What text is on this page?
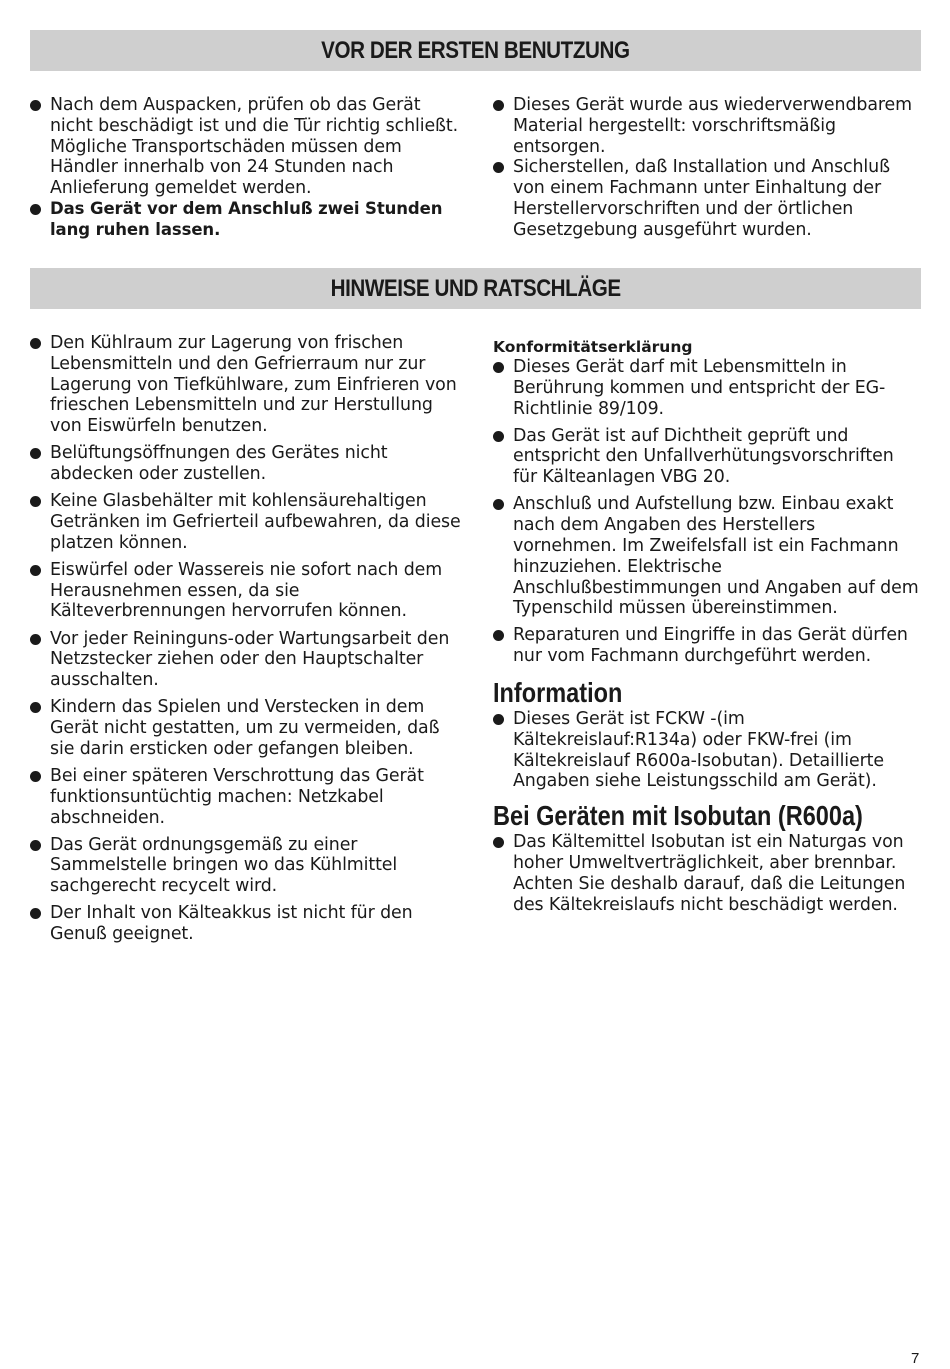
VOR DER ERSTEN BENUTZUNG
Nach dem Auspacken, prüfen ob das Gerät nicht beschädigt ist und die Tür richtig schließt. Mögliche Transportschäden müssen dem Händler innerhalb von 24 Stunden nach Anlieferung gemeldet werden.
Das Gerät vor dem Anschluß zwei Stunden lang ruhen lassen.
Dieses Gerät wurde aus wiederverwendbarem Material hergestellt: vorschriftsmäßig entsorgen.
Sicherstellen, daß Installation und Anschluß von einem Fachmann unter Einhaltung der Herstellervorschriften und der örtlichen Gesetzgebung ausgeführt wurden.
HINWEISE UND RATSCHLÄGE
Den Kühlraum zur Lagerung von frischen Lebensmitteln und den Gefrierraum nur zur Lagerung von Tiefkühlware, zum Einfrieren von frieschen Lebensmitteln und zur Herstullung von Eiswürfeln benutzen.
Belüftungsöffnungen des Gerätes nicht abdecken oder zustellen.
Keine Glasbehälter mit kohlensäurehaltigen Getränken im Gefrierteil aufbewahren, da diese platzen können.
Eiswürfel oder Wassereis nie sofort nach dem Herausnehmen essen, da sie Kälteverbrennungen hervorrufen können.
Vor jeder Reininguns-oder Wartungsarbeit den Netzstecker ziehen oder den Hauptschalter ausschalten.
Kindern das Spielen und Verstecken in dem Gerät nicht gestatten, um zu vermeiden, daß sie darin ersticken oder gefangen bleiben.
Bei einer späteren Verschrottung das Gerät funktionsuntüchtig machen: Netzkabel abschneiden.
Das Gerät ordnungsgemäß zu einer Sammelstelle bringen wo das Kühlmittel sachgerecht recycelt wird.
Der Inhalt von Kälteakkus ist nicht für den Genuß geeignet.
Konformitätserklärung
Dieses Gerät darf mit Lebensmitteln in Berührung kommen und entspricht der EG-Richtlinie 89/109.
Das Gerät ist auf Dichtheit geprüft und entspricht den Unfallverhütungsvorschriften für Kälteanlagen VBG 20.
Anschluß und Aufstellung bzw. Einbau exakt nach dem Angaben des Herstellers vornehmen. Im Zweifelsfall ist ein Fachmann hinzuziehen. Elektrische Anschlußbestimmungen und Angaben auf dem Typenschild müssen übereinstimmen.
Reparaturen und Eingriffe in das Gerät dürfen nur vom Fachmann durchgeführt werden.
Information
Dieses Gerät ist FCKW -(im Kältekreislauf:R134a) oder FKW-frei (im Kältekreislauf R600a-Isobutan). Detaillierte Angaben siehe Leistungsschild am Gerät).
Bei Geräten mit Isobutan (R600a)
Das Kältemittel Isobutan ist ein Naturgas von hoher Umweltverträglichkeit, aber brennbar. Achten Sie deshalb darauf, daß die Leitungen des Kältekreislaufs nicht beschädigt werden.
7
